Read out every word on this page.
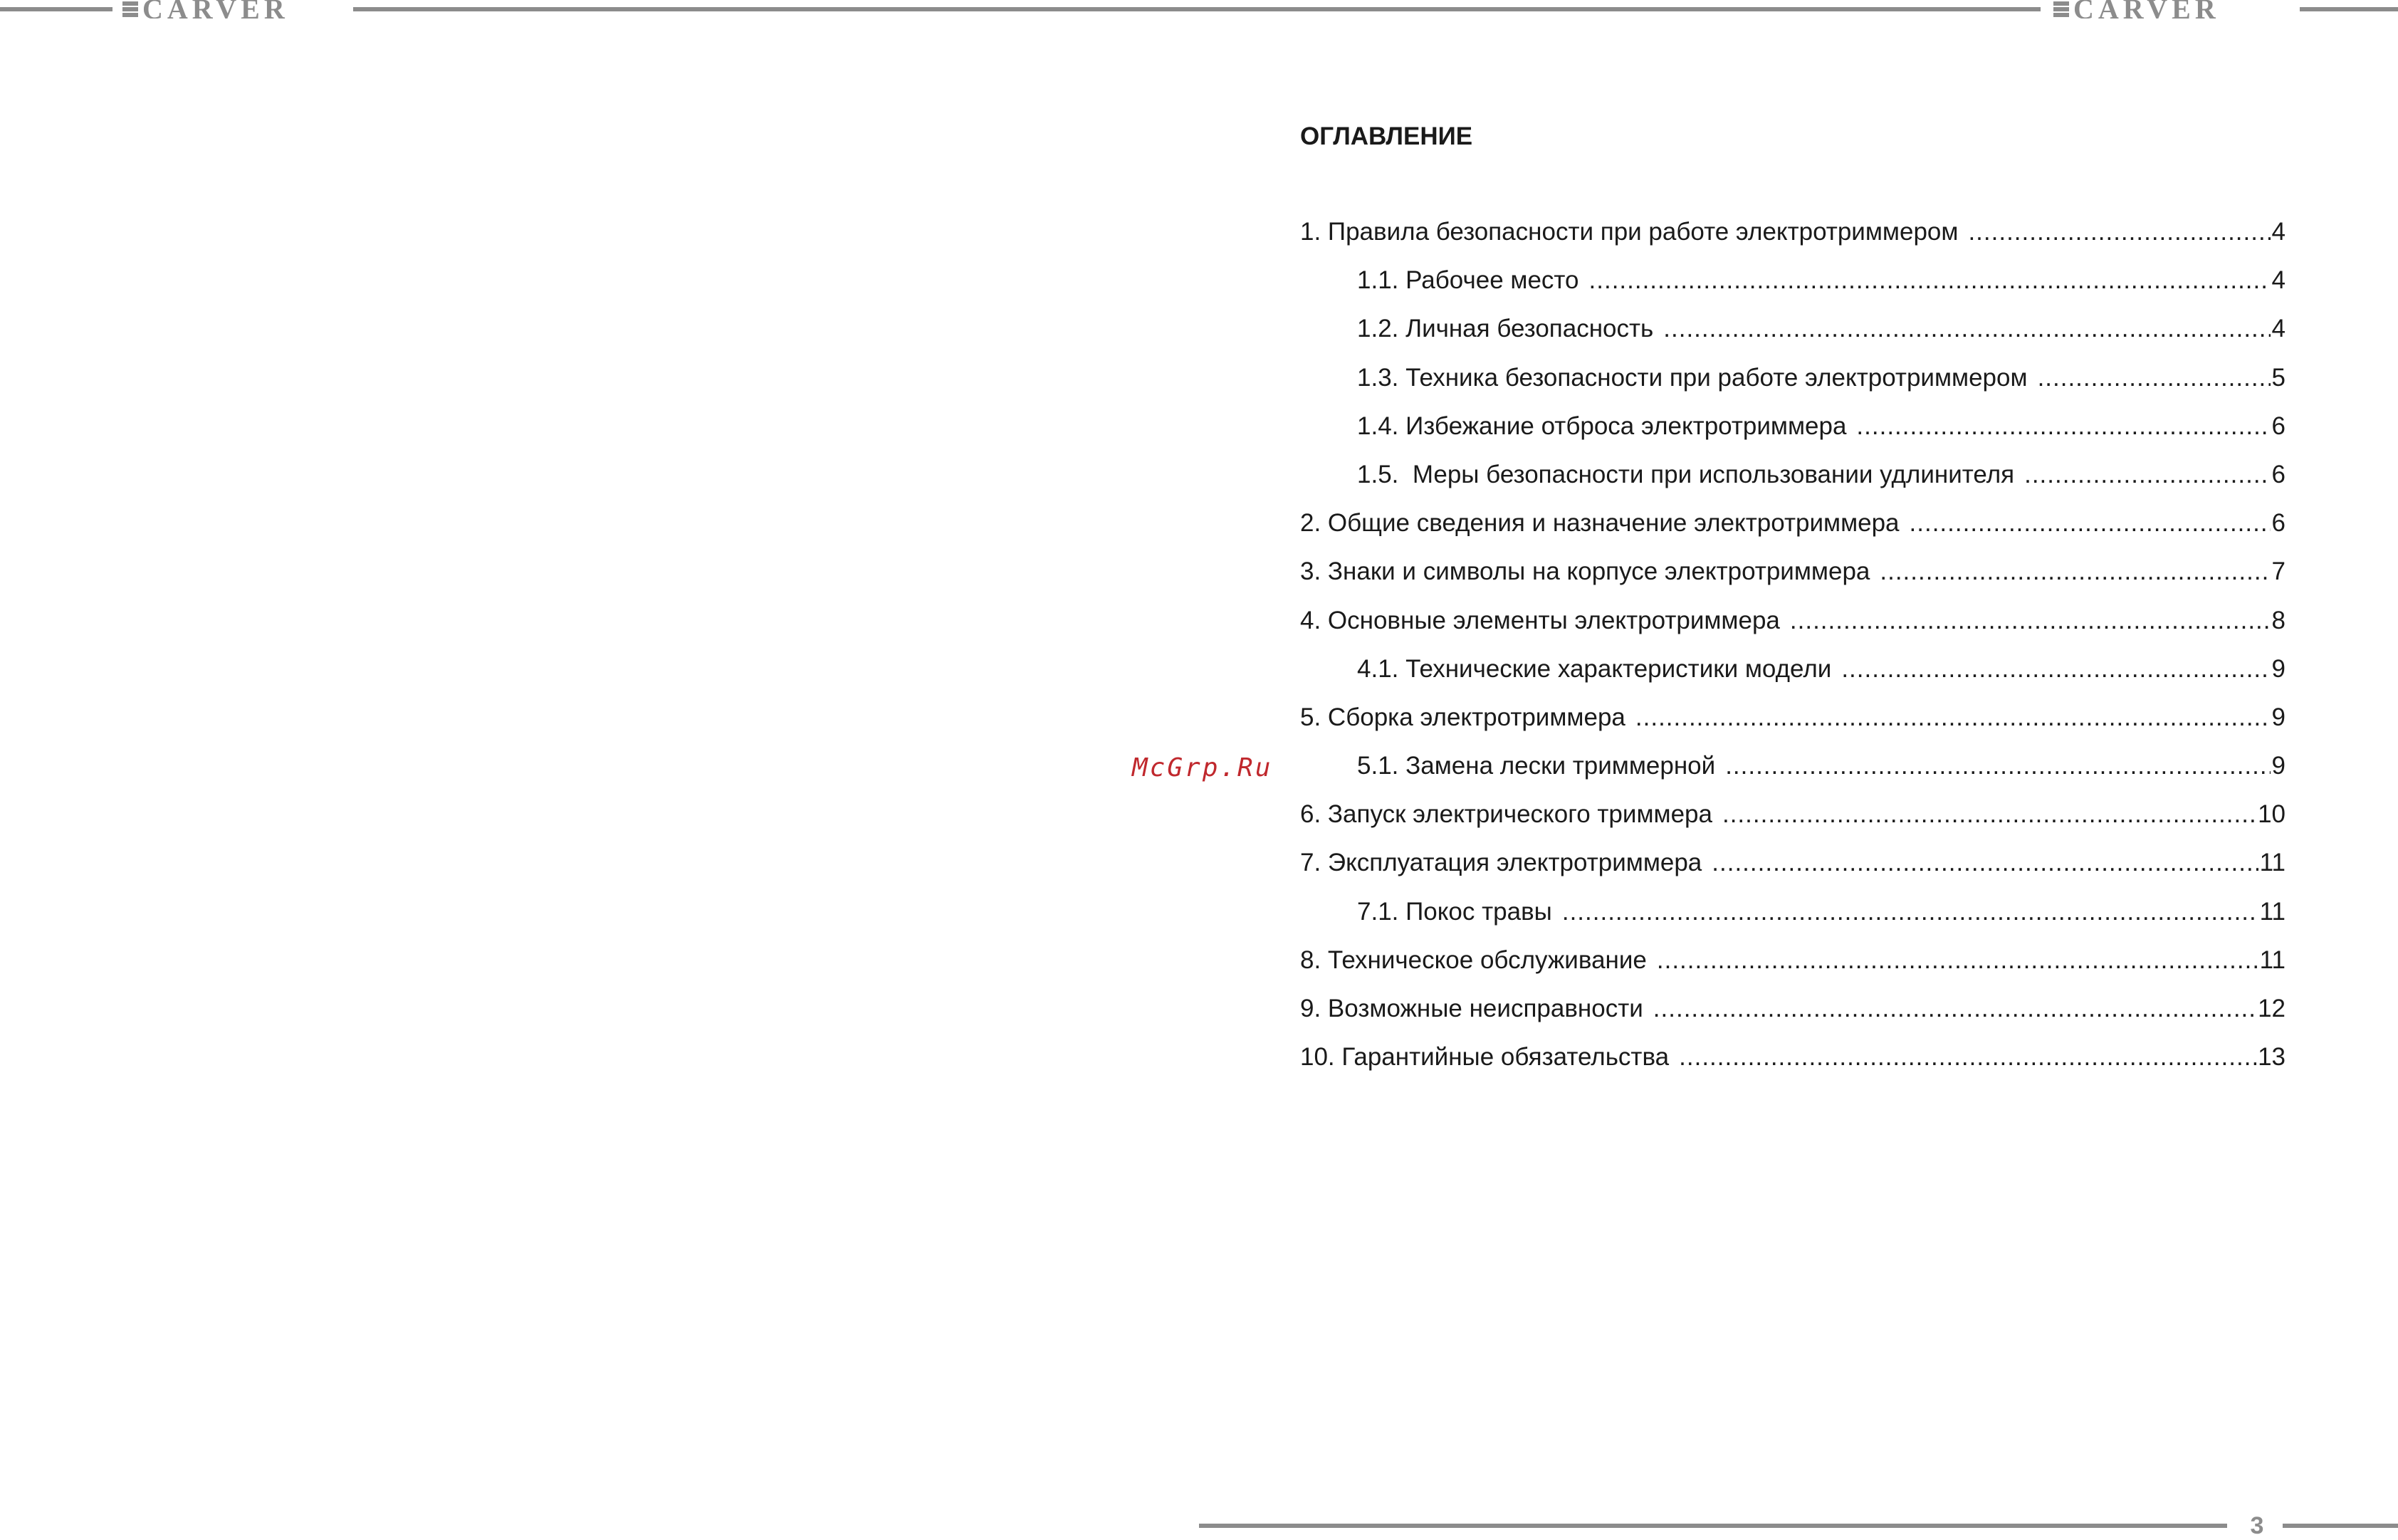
CARVER	CARVER
McGrp.Ru
ОГЛАВЛЕНИЕ
1. Правила безопасности при работе электротриммером .....	4
1.1. Рабочее место .....	4
1.2. Личная безопасность .....	4
1.3. Техника безопасности при работе электротриммером .....	5
1.4. Избежание отброса электротриммера .....	6
1.5.  Меры безопасности при использовании удлинителя .....	6
2. Общие сведения и назначение электротриммера .....	6
3. Знаки и символы на корпусе электротриммера .....	7
4. Основные элементы электротриммера .....	8
4.1. Технические характеристики модели .....	9
5. Сборка электротриммера .....	9
5.1. Замена лески триммерной .....	9
6. Запуск электрического триммера .....	10
7. Эксплуатация электротриммера .....	11
7.1. Покос травы .....	11
8. Техническое обслуживание .....	11
9. Возможные неисправности .....	12
10. Гарантийные обязательства .....	13
3
